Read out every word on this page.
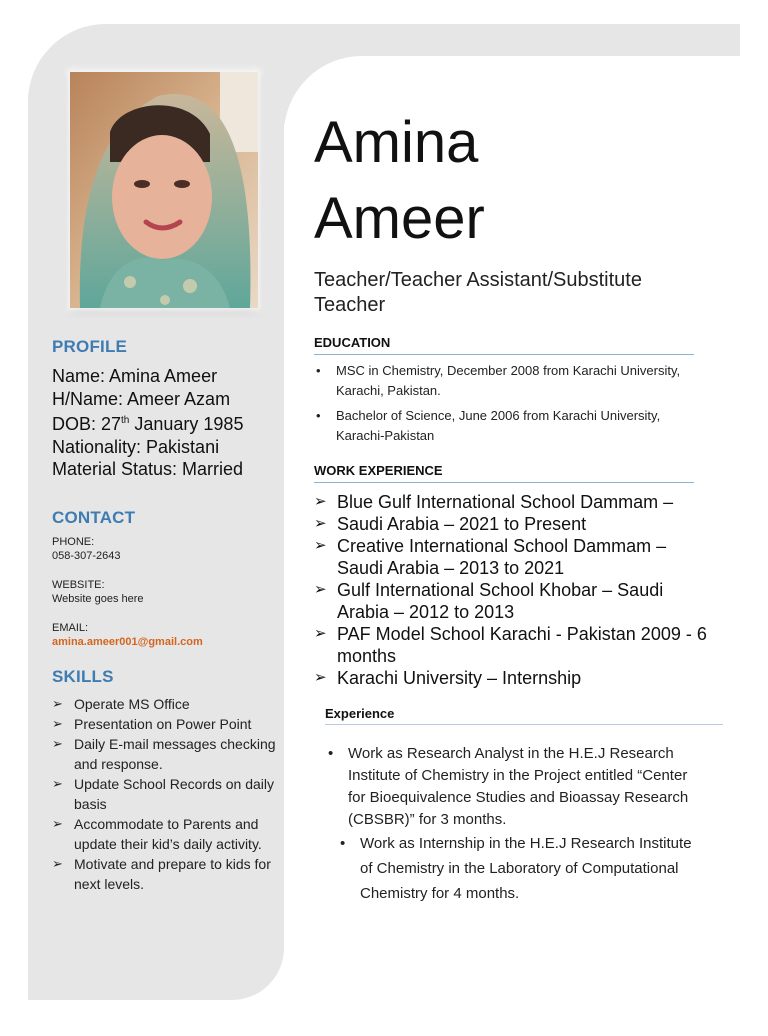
PROFILE
Name: Amina Ameer
H/Name: Ameer Azam
DOB: 27th January 1985
Nationality: Pakistani
Material Status: Married
CONTACT
PHONE:
058-307-2643
WEBSITE:
Website goes here
EMAIL:
amina.ameer001@gmail.com
SKILLS
➢ Operate MS Office
➢ Presentation on Power Point
➢ Daily E-mail messages checking and response.
➢ Update School Records on daily basis
➢ Accommodate to Parents and update their kid’s daily activity.
➢ Motivate and prepare to kids for next levels.
Amina
Ameer
Teacher/Teacher Assistant/Substitute Teacher
EDUCATION
• MSC in Chemistry, December 2008 from Karachi University, Karachi, Pakistan.
• Bachelor of Science, June 2006 from Karachi University, Karachi-Pakistan
WORK EXPERIENCE
➢ Blue Gulf International School Dammam –
➢ Saudi Arabia – 2021 to Present
➢ Creative International School Dammam – Saudi Arabia – 2013 to 2021
➢ Gulf International School Khobar – Saudi Arabia – 2012 to 2013
➢ PAF Model School Karachi - Pakistan 2009 - 6 months
➢ Karachi University – Internship
Experience
• Work as Research Analyst in the H.E.J Research Institute of Chemistry in the Project entitled “Center for Bioequivalence Studies and Bioassay Research (CBSBR)” for 3 months.
• Work as Internship in the H.E.J Research Institute of Chemistry in the Laboratory of Computational Chemistry for 4 months.
